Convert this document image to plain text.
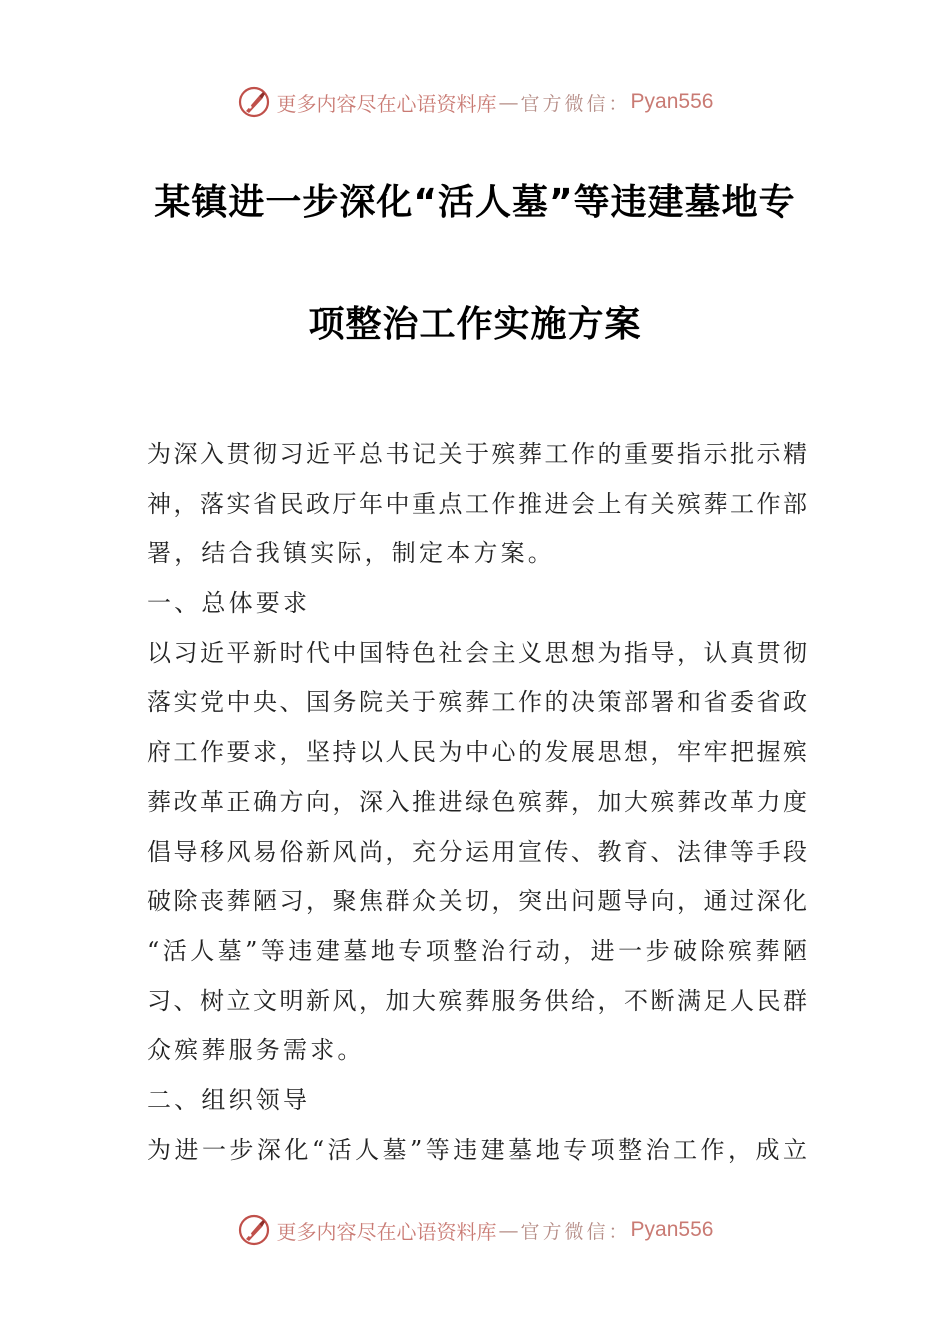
更多内容尽在心语资料库 — 官方微信： Pyan556
某镇进一步深化“活人墓”等违建墓地专
项整治工作实施方案
为深入贯彻习近平总书记关于殡葬工作的重要指示批示精
神，落实省民政厅年中重点工作推进会上有关殡葬工作部
署，结合我镇实际，制定本方案。
一、总体要求
以习近平新时代中国特色社会主义思想为指导，认真贯彻
落实党中央、国务院关于殡葬工作的决策部署和省委省政
府工作要求，坚持以人民为中心的发展思想，牢牢把握殡
葬改革正确方向，深入推进绿色殡葬，加大殡葬改革力度
倡导移风易俗新风尚，充分运用宣传、教育、法律等手段
破除丧葬陋习，聚焦群众关切，突出问题导向，通过深化
“活人墓”等违建墓地专项整治行动，进一步破除殡葬陋
习、树立文明新风，加大殡葬服务供给，不断满足人民群
众殡葬服务需求。
二、组织领导
为进一步深化“活人墓”等违建墓地专项整治工作，成立
更多内容尽在心语资料库 — 官方微信： Pyan556
